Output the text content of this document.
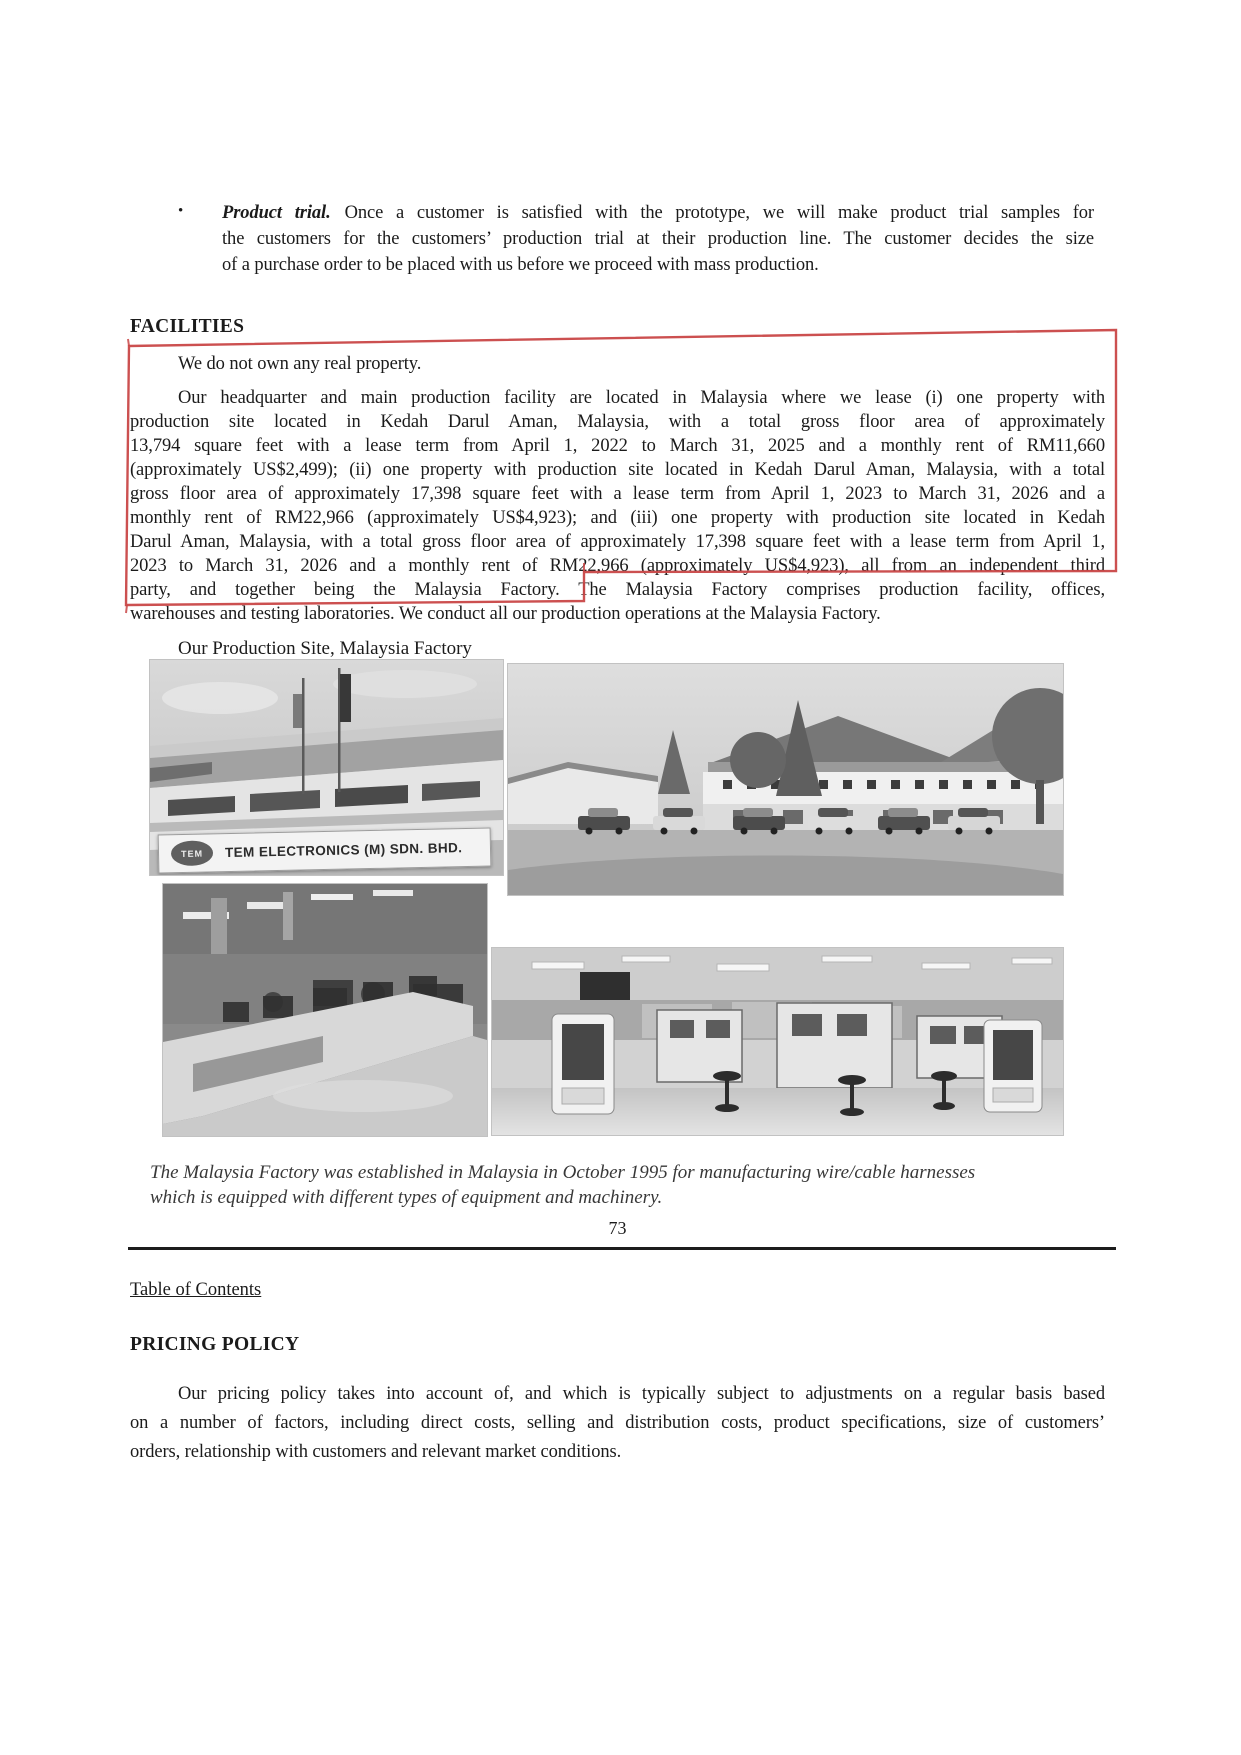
• Product trial. Once a customer is satisfied with the prototype, we will make product trial samples for
the customers for the customers’ production trial at their production line. The customer decides the size
of a purchase order to be placed with us before we proceed with mass production.
FACILITIES
We do not own any real property.
Our headquarter and main production facility are located in Malaysia where we lease (i) one property with
production site located in Kedah Darul Aman, Malaysia, with a total gross floor area of approximately
13,794 square feet with a lease term from April 1, 2022 to March 31, 2025 and a monthly rent of RM11,660
(approximately US$2,499); (ii) one property with production site located in Kedah Darul Aman, Malaysia, with a total
gross floor area of approximately 17,398 square feet with a lease term from April 1, 2023 to March 31, 2026 and a
monthly rent of RM22,966 (approximately US$4,923); and (iii) one property with production site located in Kedah
Darul Aman, Malaysia, with a total gross floor area of approximately 17,398 square feet with a lease term from April 1,
2023 to March 31, 2026 and a monthly rent of RM22,966 (approximately US$4,923), all from an independent third
party, and together being the Malaysia Factory. The Malaysia Factory comprises production facility, offices,
warehouses and testing laboratories. We conduct all our production operations at the Malaysia Factory.
Our Production Site, Malaysia Factory
TEM	TEM ELECTRONICS (M) SDN. BHD.
The Malaysia Factory was established in Malaysia in October 1995 for manufacturing wire/cable harnesses
which is equipped with different types of equipment and machinery.
73
Table of Contents
PRICING POLICY
Our pricing policy takes into account of, and which is typically subject to adjustments on a regular basis based
on a number of factors, including direct costs, selling and distribution costs, product specifications, size of customers’
orders, relationship with customers and relevant market conditions.
